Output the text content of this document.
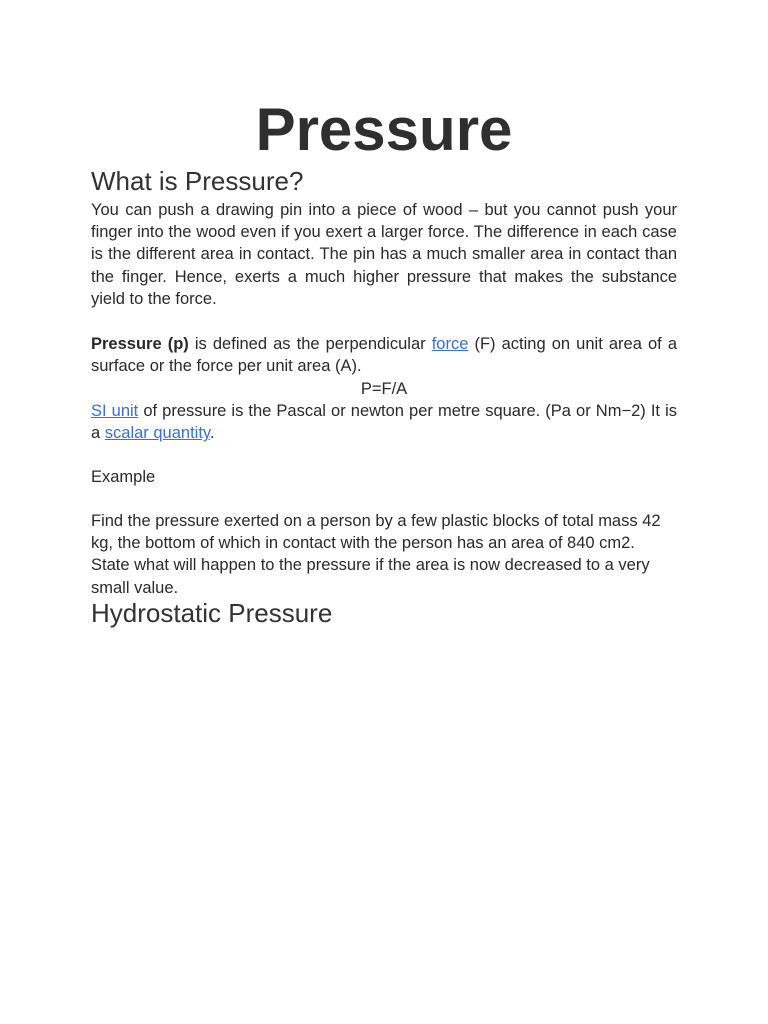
Pressure
What is Pressure?

You can push a drawing pin into a piece of wood – but you cannot push your finger into the wood even if you exert a larger force. The difference in each case is the different area in contact. The pin has a much smaller area in contact than the finger. Hence, exerts a much higher pressure that makes the substance yield to the force.

Pressure (p) is defined as the perpendicular force (F) acting on unit area of a surface or the force per unit area (A).

P=F/A

SI unit of pressure is the Pascal or newton per metre square. (Pa or Nm−2) It is a scalar quantity.

Example

Find the pressure exerted on a person by a few plastic blocks of total mass 42 kg, the bottom of which in contact with the person has an area of 840 cm2. State what will happen to the pressure if the area is now decreased to a very small value.

Hydrostatic Pressure
